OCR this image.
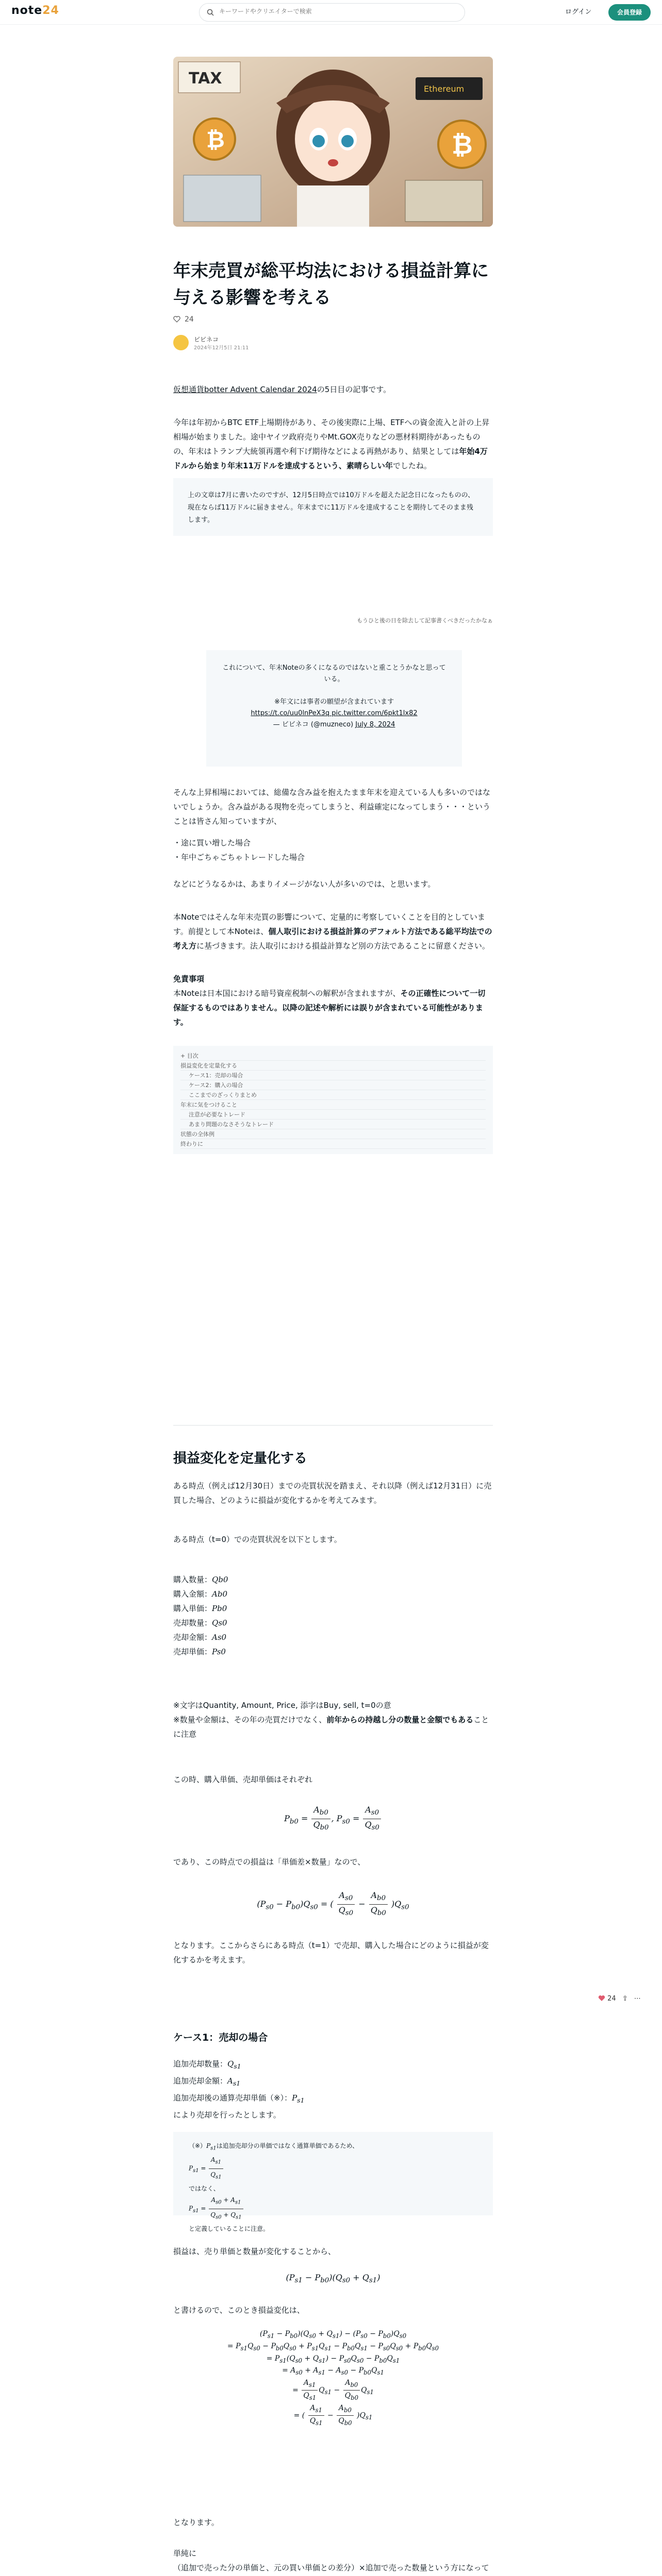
note24
キーワードやクリエイターで検索	ログイン	会員登録
TAX
Ethereum
₿	₿
年末売買が総平均法における損益計算に与える影響を考える
24
ビビネコ
2024年12月5日 21:11
仮想通貨botter Advent Calendar 2024の5日目の記事です。
今年は年初からBTC ETF上場期待があり、その後実際に上場、ETFへの資金流入と計の上昇相場が始まりました。途中ヤイツ政府売りやMt.GOX売りなどの悪材料期待があったものの、年末はトランプ大統領再選や利下げ期待などによる再熱があり、結果としては年始4万ドルから始まり年末11万ドルを達成するという、素晴らしい年でしたね。
上の文章は7月に書いたのですが、12月5日時点では10万ドルを超えた記念日になったものの、現在ならば11万ドルに届きません。年末までに11万ドルを達成することを期待してそのまま残します。
もうひと後の日を除去して記事書くべきだったかなぁ
これについて、年末Noteの多くになるのではないと重ことうかなと思っている。
※年文には事者の願望が含まれています
https://t.co/uu0lnPeX3q pic.twitter.com/6pkt1lx82
— ビビネコ (@muzneco) July 8, 2024
そんな上昇相場においては、総備な含み益を抱えたまま年末を迎えている人も多いのではないでしょうか。含み益がある現物を売ってしまうと、利益確定になってしまう・・・ということは皆さん知っていますが、
・途に買い増した場合
・年中ごちゃごちゃトレードした場合
などにどうなるかは、あまりイメージがない人が多いのでは、と思います。
本Noteではそんな年末売買の影響について、定量的に考察していくことを目的としています。前提として本Noteは、個人取引における損益計算のデフォルト方法である総平均法での考え方に基づきます。法人取引における損益計算など別の方法であることに留意ください。
免責事項
本Noteは日本国における暗号資産税制への解釈が含まれますが、その正確性について一切保証するものではありません。以降の記述や解析には誤りが含まれている可能性があります。
+ 目次
損益変化を定量化する
ケース1：売却の場合
ケース2：購入の場合
ここまでのざっくりまとめ
年末に気をつけること
注意が必要なトレード
あまり問題のなさそうなトレード
状態の全体例
終わりに
損益変化を定量化する
ある時点（例えば12月30日）までの売買状況を踏まえ、それ以降（例えば12月31日）に売買した場合、どのように損益が変化するかを考えてみます。
ある時点（t=0）での売買状況を以下とします。
購入数量：Qb0
購入金額：Ab0
購入単価：Pb0
売却数量：Qs0
売却金額：As0
売却単価：Ps0
※文字はQuantity, Amount, Price, 添字はBuy, sell, t=0の意
※数量や金額は、その年の売買だけでなく、前年からの持越し分の数量と金額でもあることに注意
この時、購入単価、売却単価はそれぞれ
$P_{b0} = \frac{A_{b0}}{Q_{b0}}$ , $P_{s0} = \frac{A_{s0}}{Q_{s0}}$
であり、この時点での損益は「単価差×数量」なので、
$(P_{s0} - P_{b0})Q_{s0}$ = ( $\frac{A_{s0}}{Q_{s0}} - \frac{A_{b0}}{Q_{b0}} )Q_{s0}$
となります。ここからさらにある時点（t=1）で売却、購入した場合にどのように損益が変化するかを考えます。
24 ⇪ ⋯
ケース1：売却の場合
追加売却数量：$Q_{s1}$
追加売却金額：$A_{s1}$
追加売却後の通算売却単価（※）：$P_{s1}$
により売却を行ったとします。
$(※)P_{s1}$は追加売却分の単価ではなく通算単価であるため、
$P_{s1} = \frac{A_{s1}}{Q_{s1}}$
ではなく、
$P_{s1} = \frac{A_{s0} + A_{s1}}{Q_{s0} + Q_{s1}}$
と定義していることに注意。
損益は、売り単価と数量が変化することから、
$(P_{s1} - P_{b0})(Q_{s0} + Q_{s1})$
と書けるので、このとき損益変化は、
$(P_{s1} - P_{b0})(Q_{s0} + Q_{s1}) - (P_{s0} - P_{b0})Q_{s0}$
= $P_{s1}Q_{s0} - P_{b0}Q_{s0} + P_{s1}Q_{s1} - P_{b0}Q_{s1} - P_{s0}Q_{s0} + P_{b0}Q_{s0}$
= $P_{s1}(Q_{s0} + Q_{s1}) - P_{s0}Q_{s0} - P_{b0}Q_{s1}$
= $A_{s0} + A_{s1} - A_{s0} - P_{b0}Q_{s1}$
= $\frac{A_{s1}}{Q_{s1}} Q_{s1} - \frac{A_{b0}}{Q_{b0}} Q_{s1}$
= ( $\frac{A_{s1}}{Q_{s1}} - \frac{A_{b0}}{Q_{b0}} )Q_{s1}$
となります。
単純に
（追加で売った分の単価と、元の買い単価との差分）×追加で売った数量という方になって
